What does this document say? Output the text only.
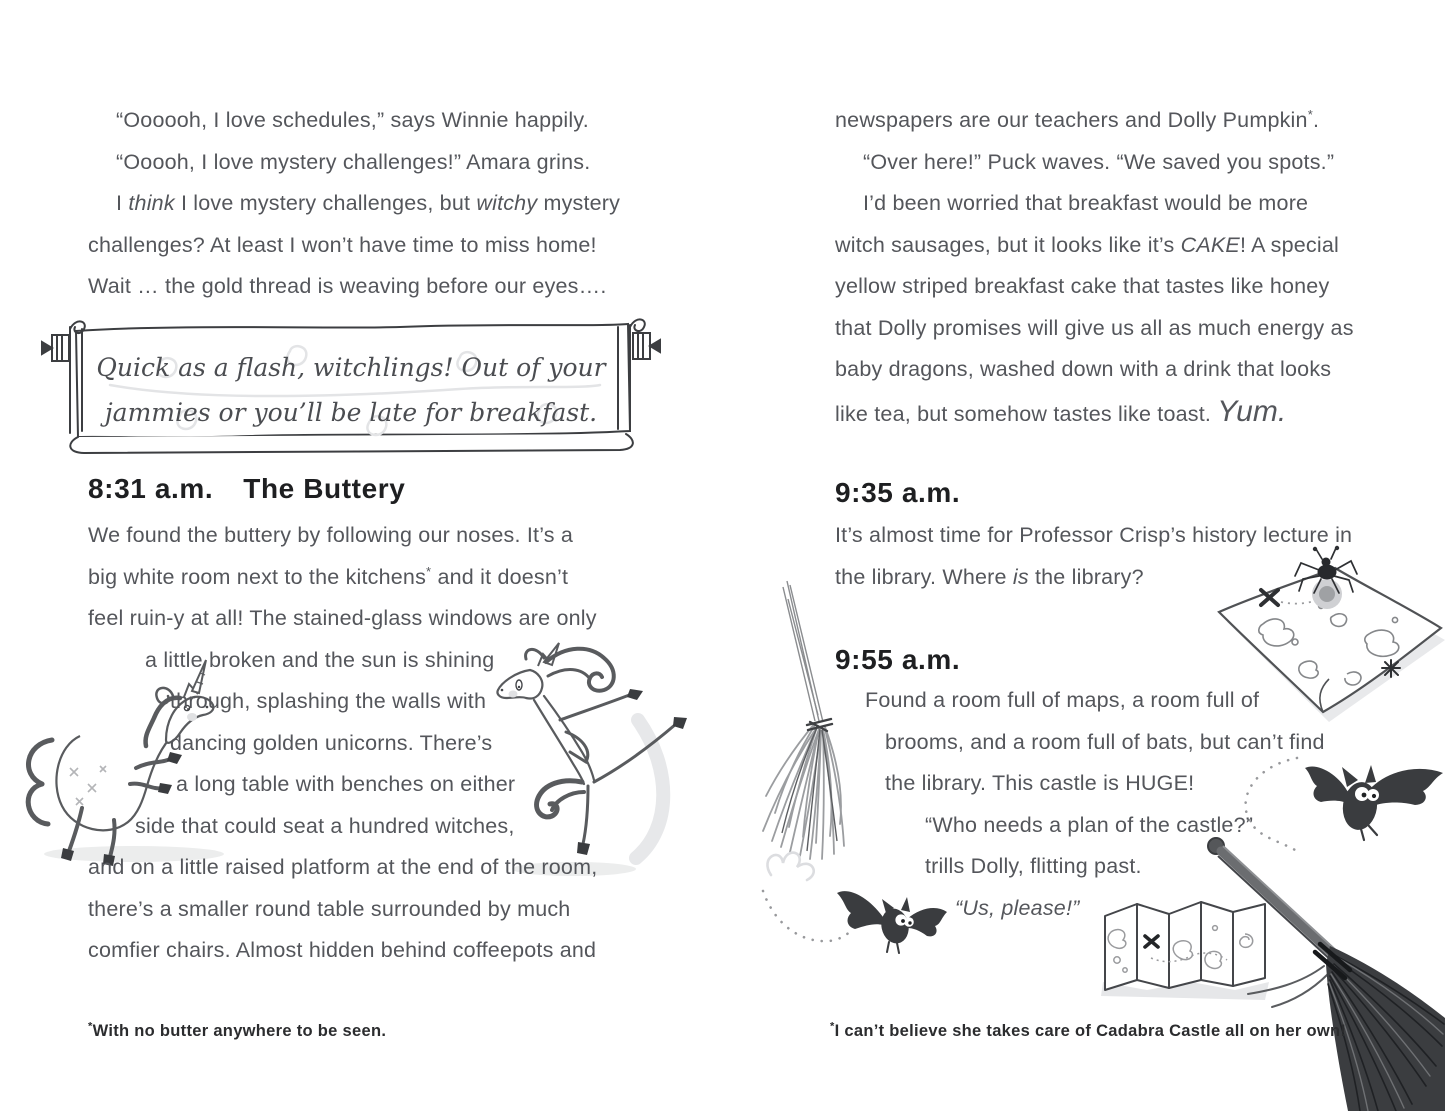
“Oooooh, I love schedules,” says Winnie happily.
“Ooooh, I love mystery challenges!” Amara grins.
I think I love mystery challenges, but witchy mystery
challenges? At least I won’t have time to miss home!
Wait … the gold thread is weaving before our eyes….
Quick as a flash, witchlings! Out of your
jammies or you’ll be late for breakfast.
8:31 a.m. The Buttery
We found the buttery by following our noses. It’s a
big white room next to the kitchens* and it doesn’t
feel ruin-y at all! The stained-glass windows are only
a little broken and the sun is shining
through, splashing the walls with
dancing golden unicorns. There’s
a long table with benches on either
side that could seat a hundred witches,
and on a little raised platform at the end of the room,
there’s a smaller round table surrounded by much
comfier chairs. Almost hidden behind coffeepots and
*With no butter anywhere to be seen.
newspapers are our teachers and Dolly Pumpkin*.
“Over here!” Puck waves. “We saved you spots.”
I’d been worried that breakfast would be more
witch sausages, but it looks like it’s CAKE! A special
yellow striped breakfast cake that tastes like honey
that Dolly promises will give us all as much energy as
baby dragons, washed down with a drink that looks
like tea, but somehow tastes like toast. Yum.
9:35 a.m.
It’s almost time for Professor Crisp’s history lecture in
the library. Where is the library?
9:55 a.m.
Found a room full of maps, a room full of
brooms, and a room full of bats, but can’t find
the library. This castle is HUGE!
“Who needs a plan of the castle?”
trills Dolly, flitting past.
“Us, please!”
*I can’t believe she takes care of Cadabra Castle all on her own!
